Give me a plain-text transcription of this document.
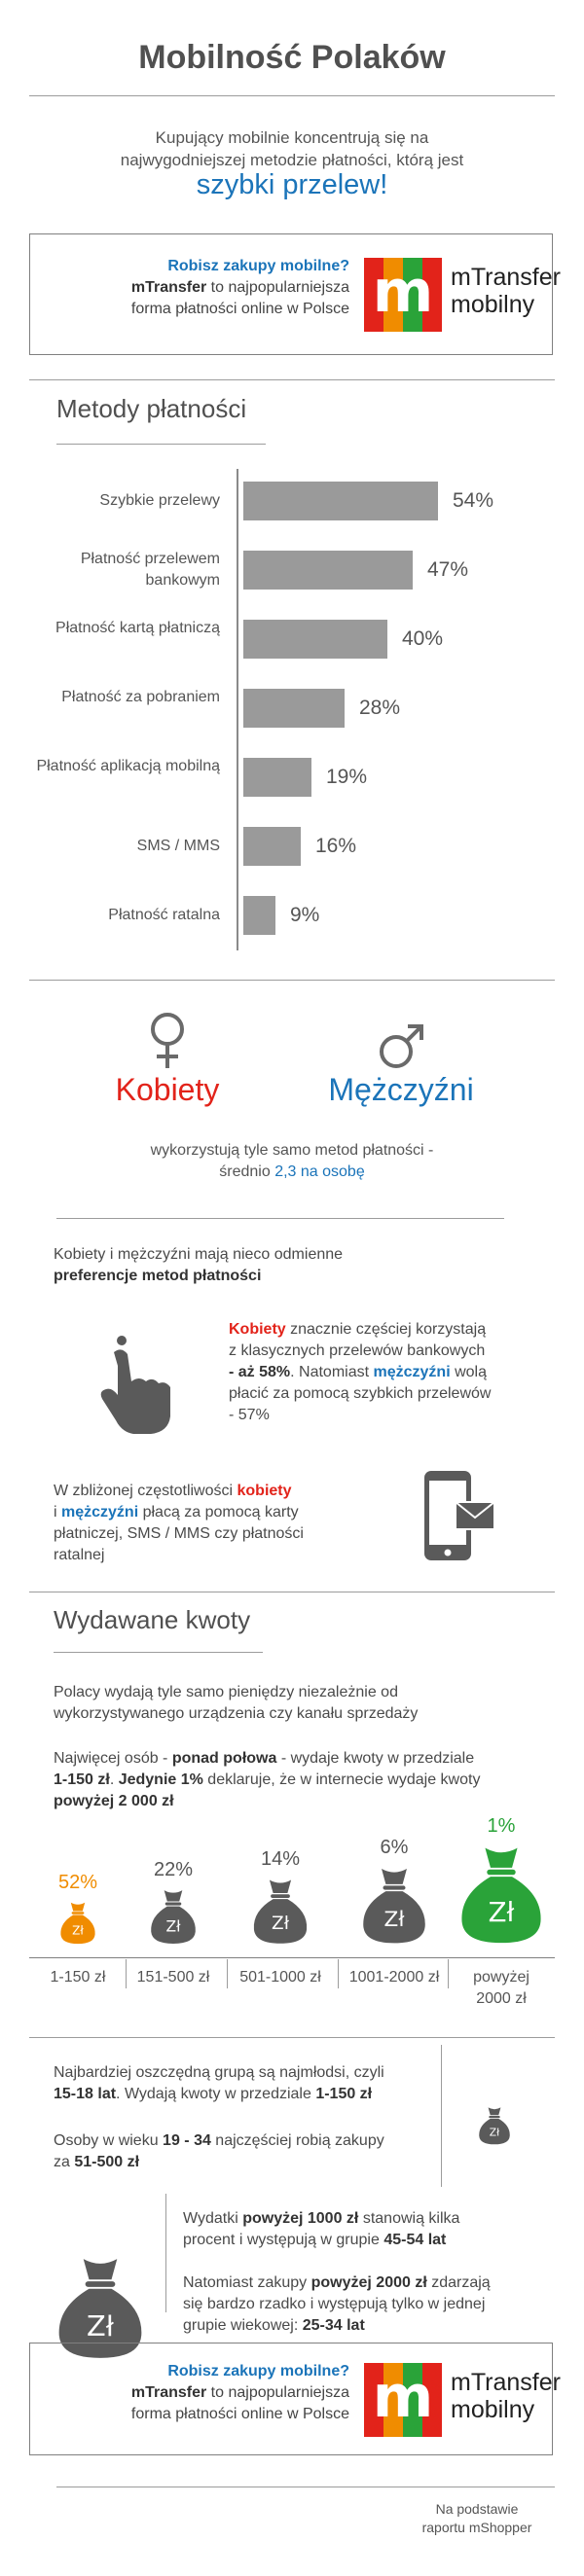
Mobilność Polaków
Kupujący mobilnie koncentrują się na
najwygodniejszej metodzie płatności, którą jest
szybki przelew!
Robisz zakupy mobilne?
mTransfer to najpopularniejsza
forma płatności online w Polsce m mTransfer
mobilny
Metody płatności
Szybkie przelewy	54%
Płatność przelewem bankowym	47%
Płatność kartą płatniczą	40%
Płatność za pobraniem	28%
Płatność aplikacją mobilną	19%
SMS / MMS	16%
Płatność ratalna	9%
Kobiety	Mężczyźni
wykorzystują tyle samo metod płatności -
średnio 2,3 na osobę
Kobiety i mężczyźni mają nieco odmienne
preferencje metod płatności
Kobiety znacznie częściej korzystają
z klasycznych przelewów bankowych
- aż 58%. Natomiast mężczyźni wolą
płacić za pomocą szybkich przelewów
- 57%
W zbliżonej częstotliwości kobiety
i mężczyźni płacą za pomocą karty
płatniczej, SMS / MMS czy płatności
ratalnej
Wydawane kwoty
Polacy wydają tyle samo pieniędzy niezależnie od
wykorzystywanego urządzenia czy kanału sprzedaży
Najwięcej osób - ponad połowa - wydaje kwoty w przedziale
1-150 zł. Jedynie 1% deklaruje, że w internecie wydaje kwoty
powyżej 2 000 zł
Zł
52%
1-150 zł
Zł
22%
151-500 zł
Zł
14%
501-1000 zł
Zł
6%
1001-2000 zł
Zł
1%
powyżej
2000 zł
Najbardziej oszczędną grupą są najmłodsi, czyli
15-18 lat. Wydają kwoty w przedziale 1-150 zł
Osoby w wieku 19 - 34 najczęściej robią zakupy
za 51-500 zł
Zł
Zł
Wydatki powyżej 1000 zł stanowią kilka
procent i występują w grupie 45-54 lat
Natomiast zakupy powyżej 2000 zł zdarzają
się bardzo rzadko i występują tylko w jednej
grupie wiekowej: 25-34 lat
Robisz zakupy mobilne?
mTransfer to najpopularniejsza
forma płatności online w Polsce m mTransfer
mobilny
Na podstawie
raportu mShopper
